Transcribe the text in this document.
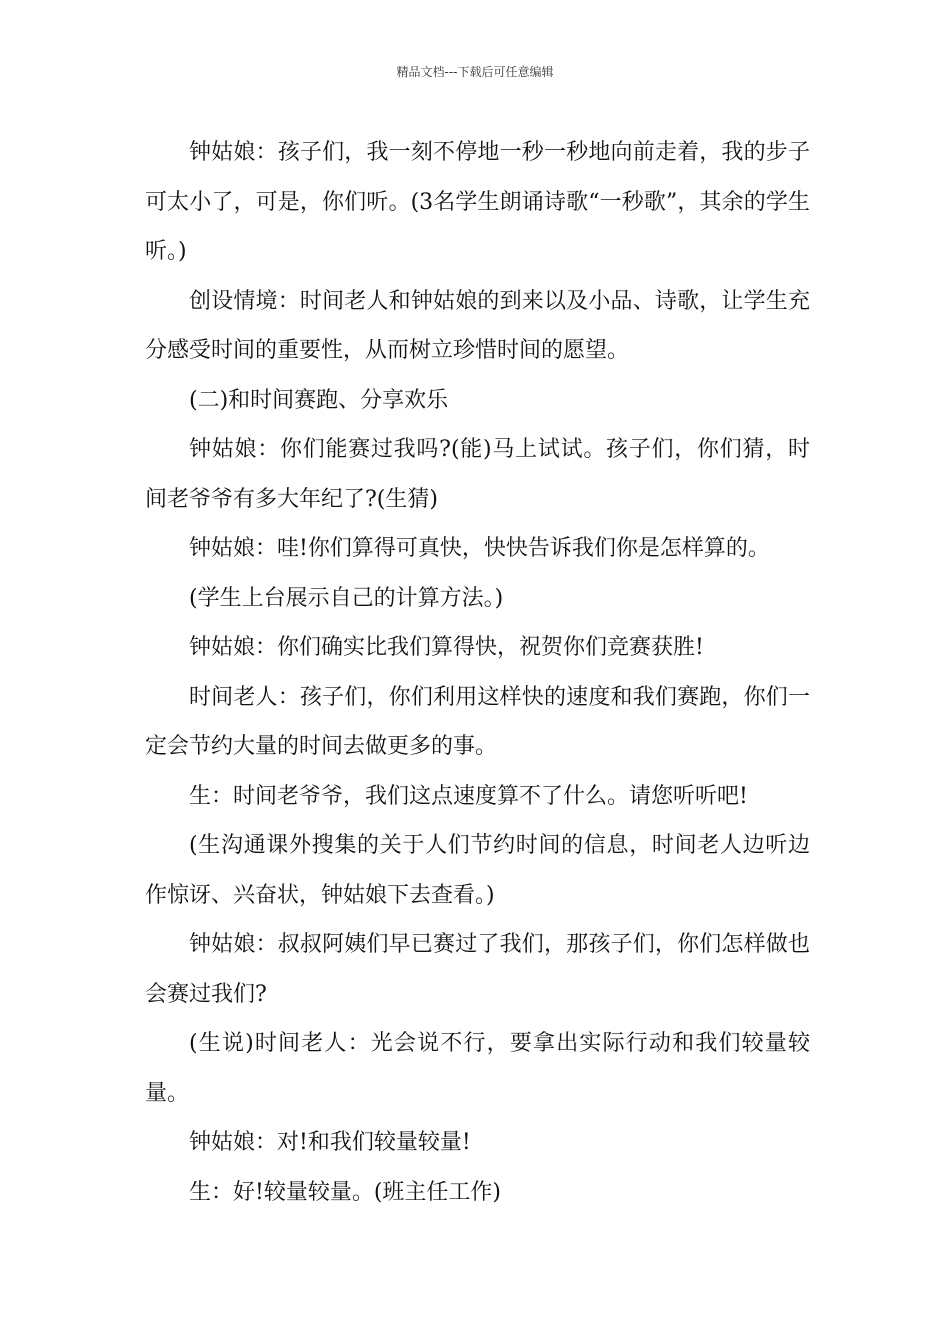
精品文档---下载后可任意编辑

钟姑娘：孩子们，我一刻不停地一秒一秒地向前走着，我的步子可太小了，可是，你们听。(3名学生朗诵诗歌“一秒歌”，其余的学生听。)

创设情境：时间老人和钟姑娘的到来以及小品、诗歌，让学生充分感受时间的重要性，从而树立珍惜时间的愿望。

(二)和时间赛跑、分享欢乐

钟姑娘：你们能赛过我吗?(能)马上试试。孩子们，你们猜，时间老爷爷有多大年纪了?(生猜)

钟姑娘：哇!你们算得可真快，快快告诉我们你是怎样算的。

(学生上台展示自己的计算方法。)

钟姑娘：你们确实比我们算得快，祝贺你们竞赛获胜!

时间老人：孩子们，你们利用这样快的速度和我们赛跑，你们一定会节约大量的时间去做更多的事。

生：时间老爷爷，我们这点速度算不了什么。请您听听吧!

(生沟通课外搜集的关于人们节约时间的信息，时间老人边听边作惊讶、兴奋状，钟姑娘下去查看。)

钟姑娘：叔叔阿姨们早已赛过了我们，那孩子们，你们怎样做也会赛过我们?

(生说)时间老人：光会说不行，要拿出实际行动和我们较量较量。

钟姑娘：对!和我们较量较量!

生：好!较量较量。(班主任工作)
